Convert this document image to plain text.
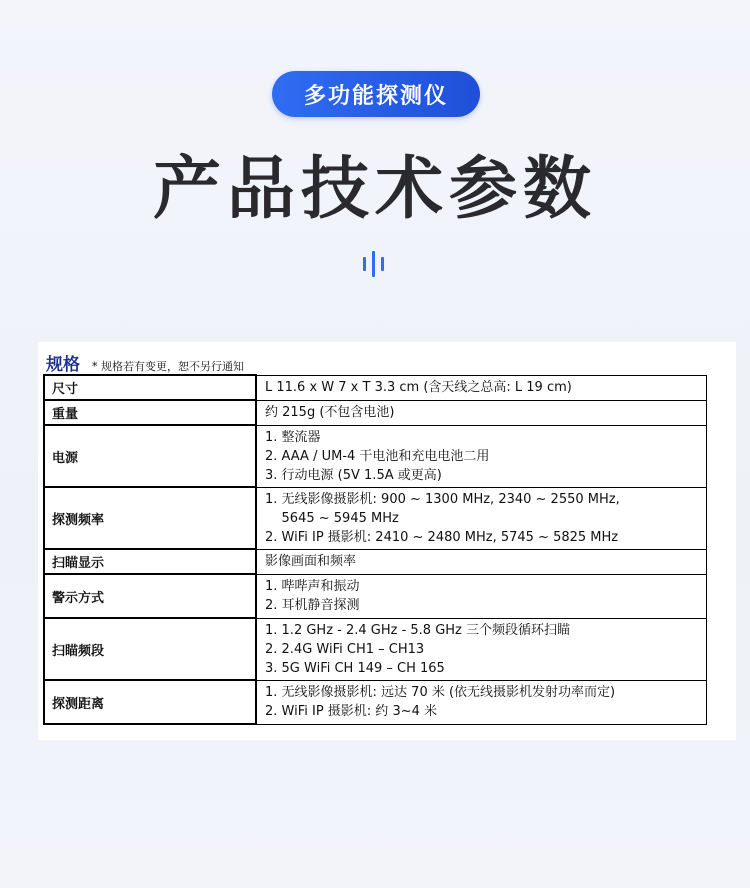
多功能探测仪
产品技术参数
规格 * 规格若有变更，恕不另行通知
尺寸	L 11.6 x W 7 x T 3.3 cm (含天线之总高: L 19 cm)

重量	约 215g (不包含电池)

电源	1. 整流器
2. AAA / UM-4 干电池和充电电池二用
3. 行动电源 (5V 1.5A 或更高)

探测频率	1. 无线影像摄影机: 900 ~ 1300 MHz, 2340 ~ 2550 MHz,
5645 ~ 5945 MHz
2. WiFi IP 摄影机: 2410 ~ 2480 MHz, 5745 ~ 5825 MHz

扫瞄显示	影像画面和频率

警示方式	1. 哔哔声和振动
2. 耳机静音探测

扫瞄频段	1. 1.2 GHz - 2.4 GHz - 5.8 GHz 三个频段循环扫瞄
2. 2.4G WiFi CH1 – CH13
3. 5G WiFi CH 149 – CH 165

探测距离	1. 无线影像摄影机: 远达 70 米 (依无线摄影机发射功率而定)
2. WiFi IP 摄影机: 约 3~4 米
